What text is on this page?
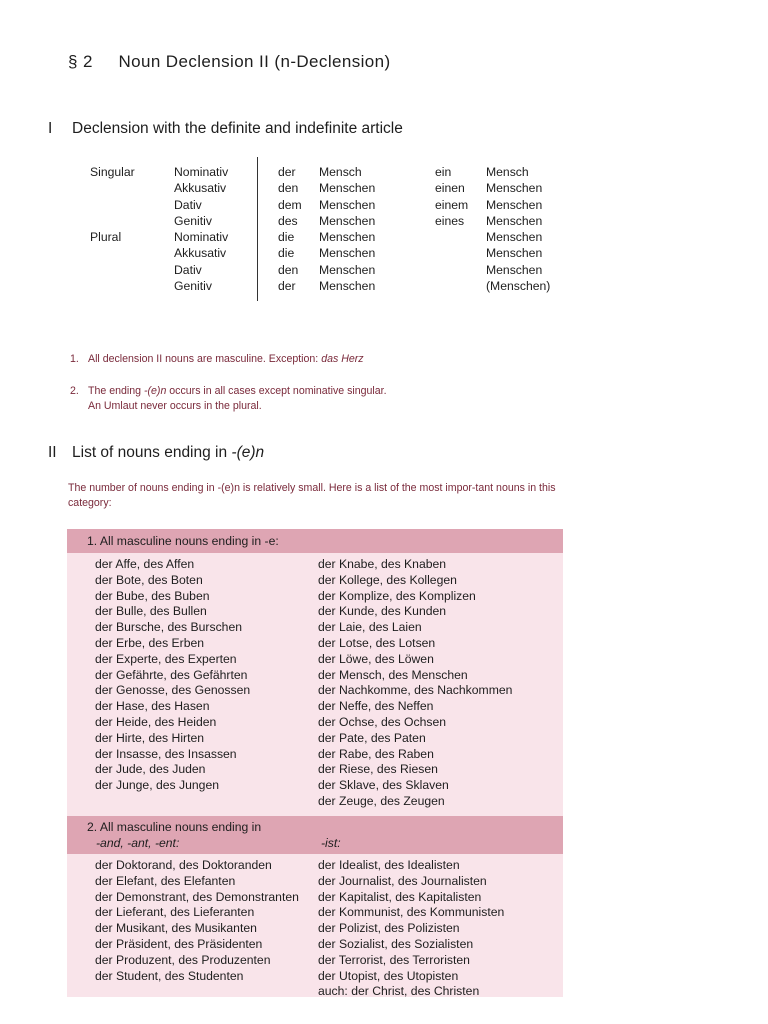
§ 2     Noun Declension II (n-Declension)
I Declension with the definite and indefinite article
Singular
Plural
Nominativ
Akkusativ
Dativ
Genitiv
Nominativ
Akkusativ
Dativ
Genitiv
der
den
dem
des
die
die
den
der
Mensch
Menschen
Menschen
Menschen
Menschen
Menschen
Menschen
Menschen
ein
einen
einem
eines
Mensch
Menschen
Menschen
Menschen
Menschen
Menschen
Menschen
(Menschen)
1. All declension II nouns are masculine. Exception: das Herz
2. The ending -(e)n occurs in all cases except nominative singular.
An Umlaut never occurs in the plural.
II List of nouns ending in -(e)n
The number of nouns ending in -(e)n is relatively small. Here is a list of the most impor-tant nouns in this category:
1. All masculine nouns ending in -e:
der Affe, des Affen
der Bote, des Boten
der Bube, des Buben
der Bulle, des Bullen
der Bursche, des Burschen
der Erbe, des Erben
der Experte, des Experten
der Gefährte, des Gefährten
der Genosse, des Genossen
der Hase, des Hasen
der Heide, des Heiden
der Hirte, des Hirten
der Insasse, des Insassen
der Jude, des Juden
der Junge, des Jungen
der Knabe, des Knaben
der Kollege, des Kollegen
der Komplize, des Komplizen
der Kunde, des Kunden
der Laie, des Laien
der Lotse, des Lotsen
der Löwe, des Löwen
der Mensch, des Menschen
der Nachkomme, des Nachkommen
der Neffe, des Neffen
der Ochse, des Ochsen
der Pate, des Paten
der Rabe, des Raben
der Riese, des Riesen
der Sklave, des Sklaven
der Zeuge, des Zeugen
2. All masculine nouns ending in
-and, -ant, -ent:	-ist:
der Doktorand, des Doktoranden
der Elefant, des Elefanten
der Demonstrant, des Demonstranten
der Lieferant, des Lieferanten
der Musikant, des Musikanten
der Präsident, des Präsidenten
der Produzent, des Produzenten
der Student, des Studenten
der Idealist, des Idealisten
der Journalist, des Journalisten
der Kapitalist, des Kapitalisten
der Kommunist, des Kommunisten
der Polizist, des Polizisten
der Sozialist, des Sozialisten
der Terrorist, des Terroristen
der Utopist, des Utopisten
auch: der Christ, des Christen
